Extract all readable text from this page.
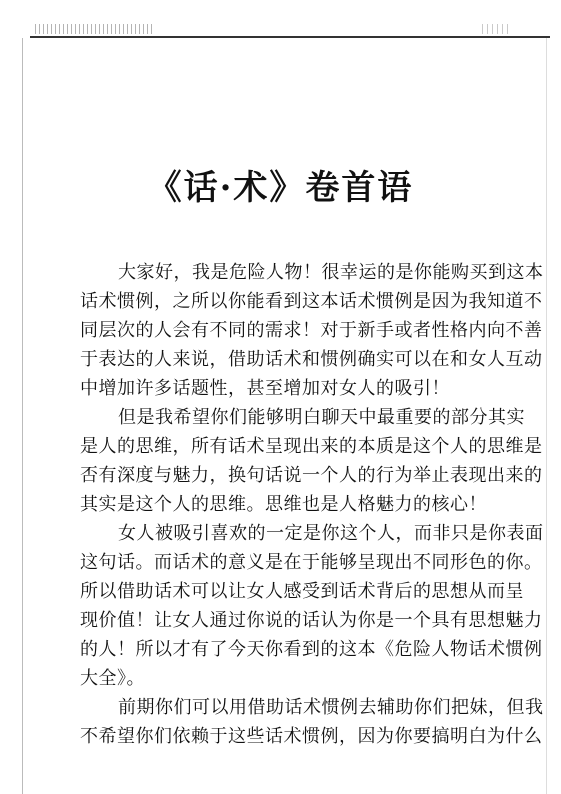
《话·术》卷首语
大家好，我是危险人物！很幸运的是你能购买到这本
话术惯例，之所以你能看到这本话术惯例是因为我知道不
同层次的人会有不同的需求！对于新手或者性格内向不善
于表达的人来说，借助话术和惯例确实可以在和女人互动
中增加许多话题性，甚至增加对女人的吸引！
但是我希望你们能够明白聊天中最重要的部分其实
是人的思维，所有话术呈现出来的本质是这个人的思维是
否有深度与魅力，换句话说一个人的行为举止表现出来的
其实是这个人的思维。思维也是人格魅力的核心！
女人被吸引喜欢的一定是你这个人，而非只是你表面
这句话。而话术的意义是在于能够呈现出不同形色的你。
所以借助话术可以让女人感受到话术背后的思想从而呈
现价值！让女人通过你说的话认为你是一个具有思想魅力
的人！所以才有了今天你看到的这本《危险人物话术惯例
大全》。
前期你们可以用借助话术惯例去辅助你们把妹，但我
不希望你们依赖于这些话术惯例，因为你要搞明白为什么
